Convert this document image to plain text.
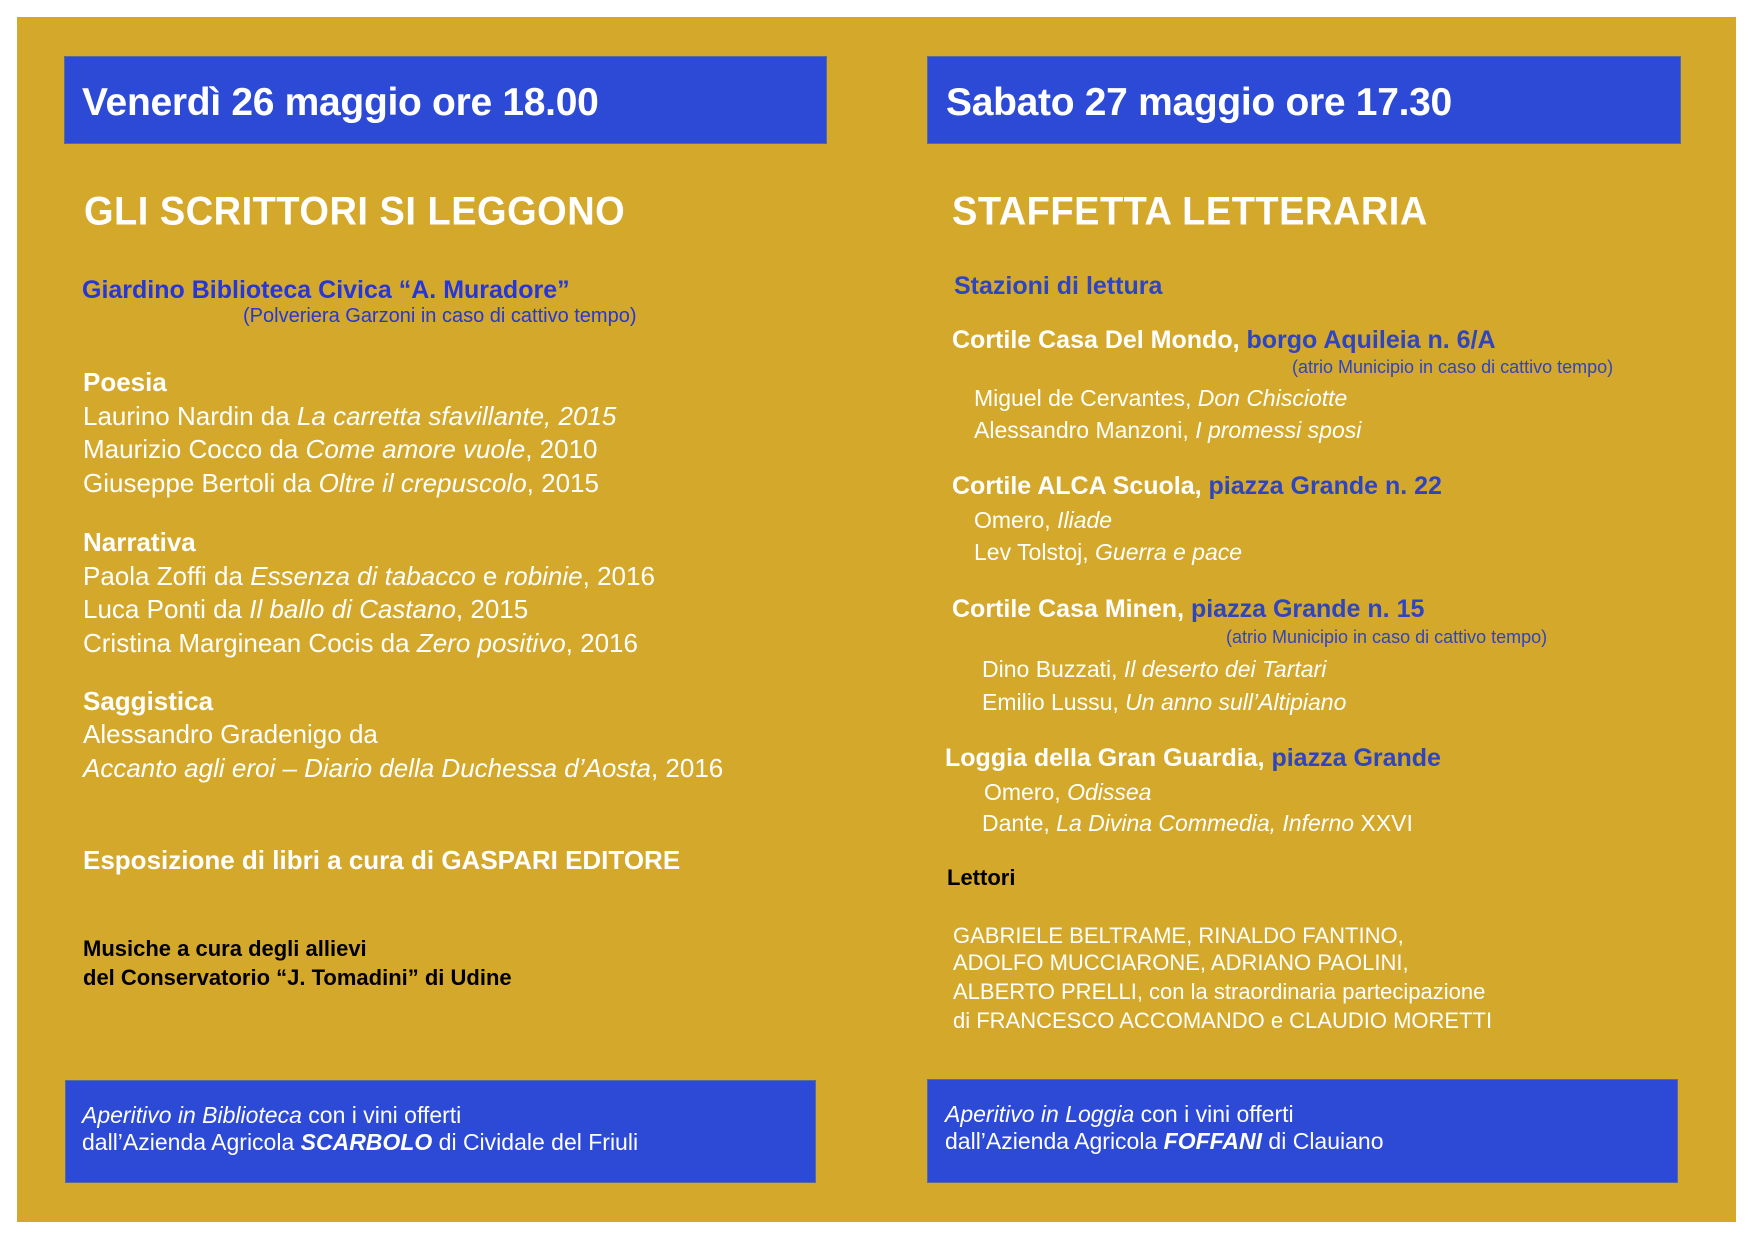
Venerdì 26 maggio ore 18.00
GLI SCRITTORI SI LEGGONO
Giardino Biblioteca Civica “A. Muradore”
(Polveriera Garzoni in caso di cattivo tempo)
Poesia
Laurino Nardin da La carretta sfavillante, 2015
Maurizio Cocco da Come amore vuole, 2010
Giuseppe Bertoli da Oltre il crepuscolo, 2015
Narrativa
Paola Zoffi da Essenza di tabacco e robinie, 2016
Luca Ponti da Il ballo di Castano, 2015
Cristina Marginean Cocis da Zero positivo, 2016
Saggistica
Alessandro Gradenigo da
Accanto agli eroi – Diario della Duchessa d’Aosta, 2016
Esposizione di libri a cura di GASPARI EDITORE
Musiche a cura degli allievi
del Conservatorio “J. Tomadini” di Udine
Aperitivo in Biblioteca con i vini offerti
dall’Azienda Agricola SCARBOLO di Cividale del Friuli
Sabato 27 maggio ore 17.30
STAFFETTA LETTERARIA
Stazioni di lettura
Cortile Casa Del Mondo, borgo Aquileia n. 6/A
(atrio Municipio in caso di cattivo tempo)
Miguel de Cervantes, Don Chisciotte
Alessandro Manzoni, I promessi sposi
Cortile ALCA Scuola, piazza Grande n. 22
Omero, Iliade
Lev Tolstoj, Guerra e pace
Cortile Casa Minen, piazza Grande n. 15
(atrio Municipio in caso di cattivo tempo)
Dino Buzzati, Il deserto dei Tartari
Emilio Lussu, Un anno sull’Altipiano
Loggia della Gran Guardia, piazza Grande
Omero, Odissea
Dante, La Divina Commedia, Inferno XXVI
Lettori
GABRIELE BELTRAME, RINALDO FANTINO,
ADOLFO MUCCIARONE, ADRIANO PAOLINI,
ALBERTO PRELLI, con la straordinaria partecipazione
di FRANCESCO ACCOMANDO e CLAUDIO MORETTI
Aperitivo in Loggia con i vini offerti
dall’Azienda Agricola FOFFANI di Clauiano
